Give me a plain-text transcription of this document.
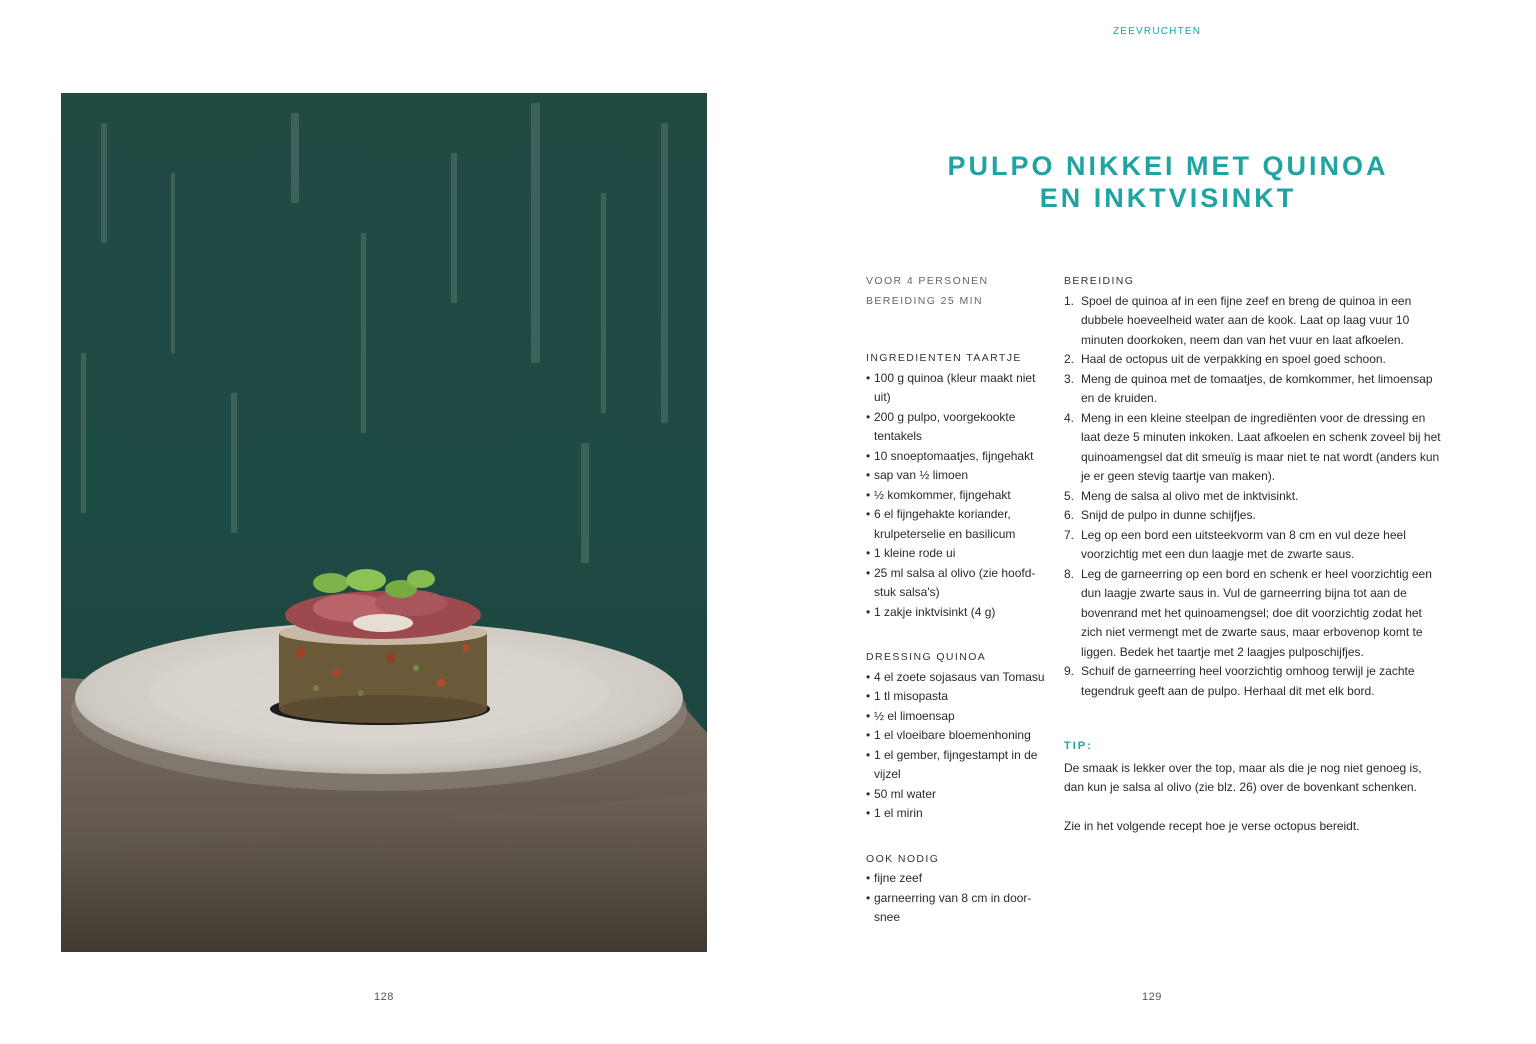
128
ZEEVRUCHTEN
PULPO NIKKEI MET QUINOA
EN INKTVISINKT
VOOR 4 PERSONEN
BEREIDING 25 MIN
INGREDIENTEN TAARTJE
• 100 g quinoa (kleur maakt niet uit)
• 200 g pulpo, voorgekookte tentakels
• 10 snoeptomaatjes, fijngehakt
• sap van ½ limoen
• ½ komkommer, fijngehakt
• 6 el fijngehakte koriander, krulpeterselie en basilicum
• 1 kleine rode ui
• 25 ml salsa al olivo (zie hoofd-stuk salsa's)
• 1 zakje inktvisinkt (4 g)
DRESSING QUINOA
• 4 el zoete sojasaus van Tomasu
• 1 tl misopasta
• ½ el limoensap
• 1 el vloeibare bloemenhoning
• 1 el gember, fijngestampt in de vijzel
• 50 ml water
• 1 el mirin
OOK NODIG
• fijne zeef
• garneerring van 8 cm in door-snee
BEREIDING
1. Spoel de quinoa af in een fijne zeef en breng de quinoa in een dubbele hoeveelheid water aan de kook. Laat op laag vuur 10 minuten doorkoken, neem dan van het vuur en laat afkoelen.
2. Haal de octopus uit de verpakking en spoel goed schoon.
3. Meng de quinoa met de tomaatjes, de komkommer, het limoensap en de kruiden.
4. Meng in een kleine steelpan de ingrediënten voor de dressing en laat deze 5 minuten inkoken. Laat afkoelen en schenk zoveel bij het quinoamengsel dat dit smeuïg is maar niet te nat wordt (anders kun je er geen stevig taartje van maken).
5. Meng de salsa al olivo met de inktvisinkt.
6. Snijd de pulpo in dunne schijfjes.
7. Leg op een bord een uitsteekvorm van 8 cm en vul deze heel voorzichtig met een dun laagje met de zwarte saus.
8. Leg de garneerring op een bord en schenk er heel voorzichtig een dun laagje zwarte saus in. Vul de garneerring bijna tot aan de bovenrand met het quinoamengsel; doe dit voorzichtig zodat het zich niet vermengt met de zwarte saus, maar erbovenop komt te liggen. Bedek het taartje met 2 laagjes pulposchijfjes.
9. Schuif de garneerring heel voorzichtig omhoog terwijl je zachte tegendruk geeft aan de pulpo. Herhaal dit met elk bord.
TIP:
De smaak is lekker over the top, maar als die je nog niet genoeg is, dan kun je salsa al olivo (zie blz. 26) over de bovenkant schenken.
Zie in het volgende recept hoe je verse octopus bereidt.
129
